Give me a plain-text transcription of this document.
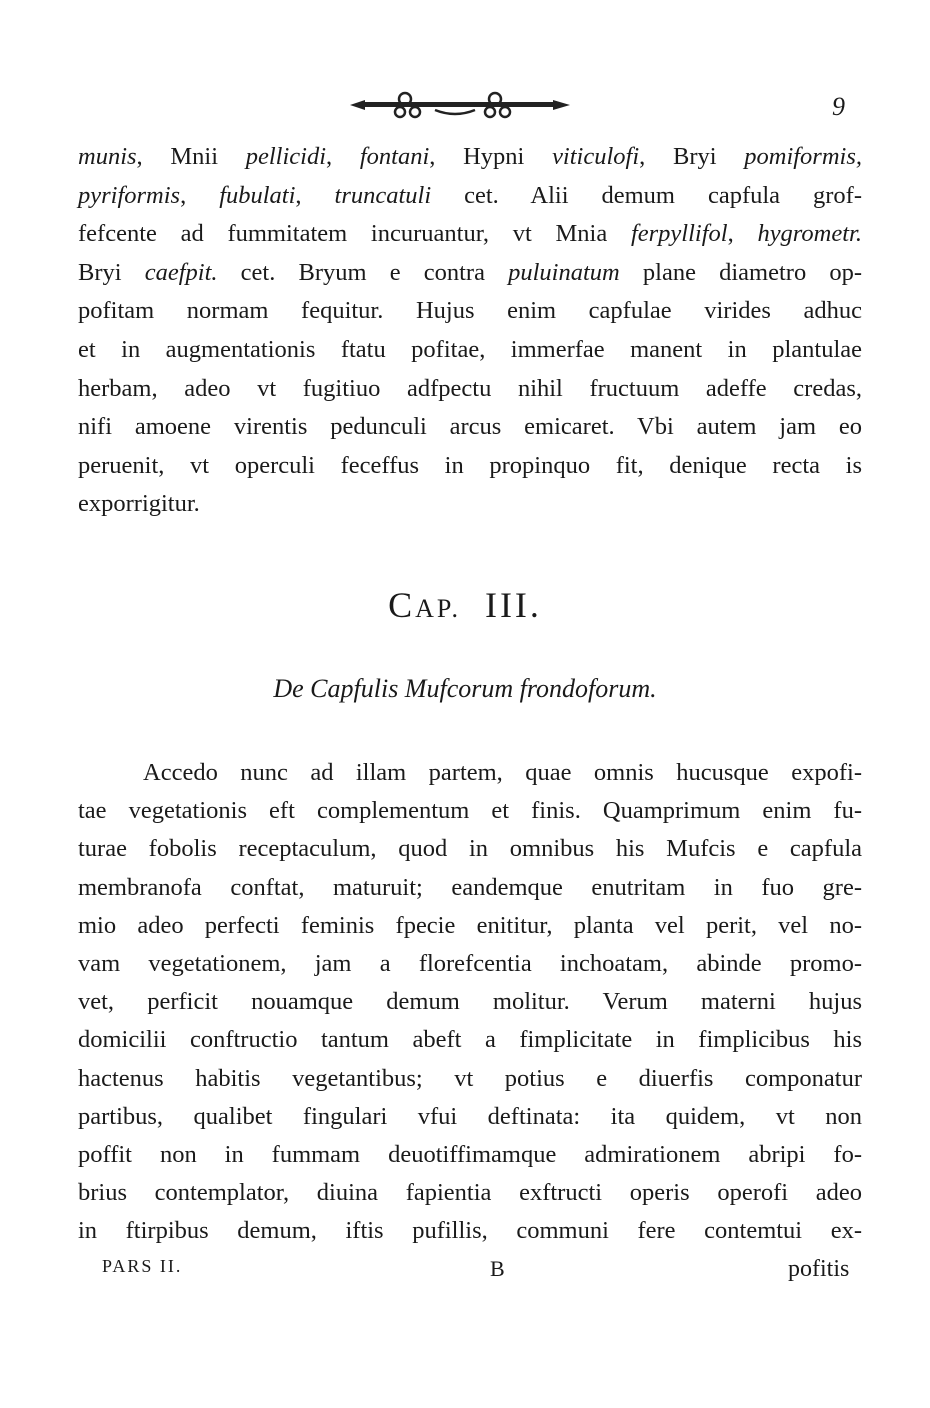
9
munis, Mnii pellicidi, fontani, Hypni viticulofi, Bryi pomiformis,
pyriformis, fubulati, truncatuli cet. Alii demum capfula grof-
fefcente ad fummitatem incuruantur, vt Mnia ferpyllifol, hygrometr.
Bryi caefpit. cet. Bryum e contra puluinatum plane diametro op-
pofitam normam fequitur. Hujus enim capfulae virides adhuc
et in augmentationis ftatu pofitae, immerfae manent in plantulae
herbam, adeo vt fugitiuo adfpectu nihil fructuum adeffe credas,
nifi amoene virentis pedunculi arcus emicaret. Vbi autem jam eo
peruenit, vt operculi feceffus in propinquo fit, denique recta is
exporrigitur.
CAP. III.
De Capfulis Mufcorum frondoforum.
Accedo nunc ad illam partem, quae omnis hucusque expofi-
tae vegetationis eft complementum et finis. Quamprimum enim fu-
turae fobolis receptaculum, quod in omnibus his Mufcis e capfula
membranofa conftat, maturuit; eandemque enutritam in fuo gre-
mio adeo perfecti feminis fpecie enititur, planta vel perit, vel no-
vam vegetationem, jam a florefcentia inchoatam, abinde promo-
vet, perficit nouamque demum molitur. Verum materni hujus
domicilii conftructio tantum abeft a fimplicitate in fimplicibus his
hactenus habitis vegetantibus; vt potius e diuerfis componatur
partibus, qualibet fingulari vfui deftinata: ita quidem, vt non
poffit non in fummam deuotiffimamque admirationem abripi fo-
brius contemplator, diuina fapientia exftructi operis operofi adeo
in ftirpibus demum, iftis pufillis, communi fere contemtui ex-
PARS II.	B	pofitis
